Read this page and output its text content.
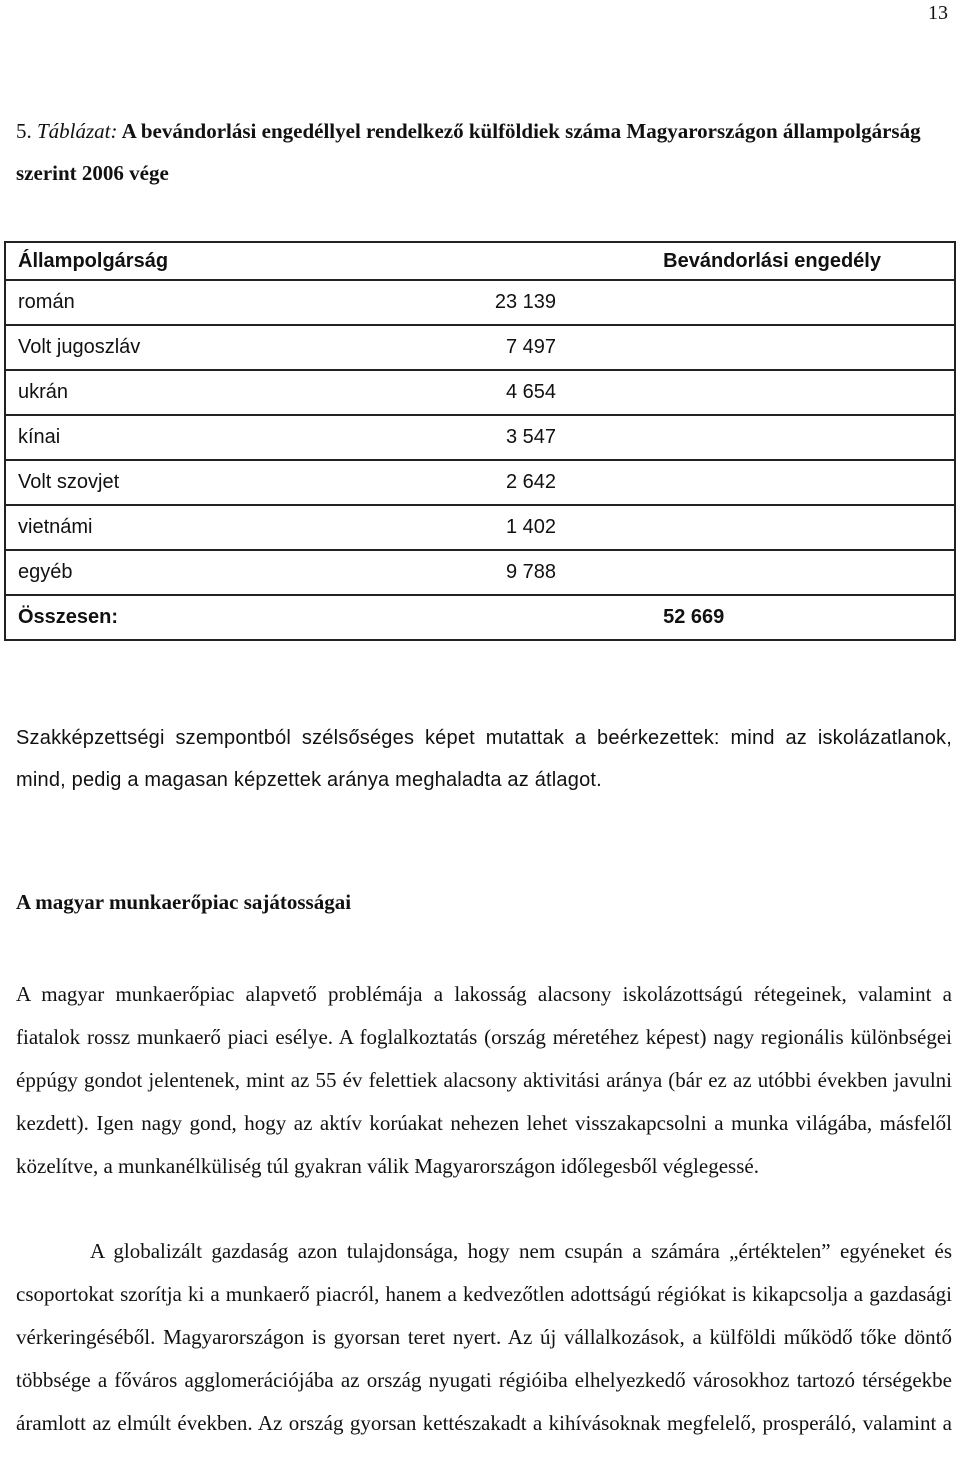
13
5. Táblázat: A bevándorlási engedéllyel rendelkező külföldiek száma Magyarországon állampolgárság szerint 2006 vége
Állampolgárság	Bevándorlási engedély
román	23 139
Volt jugoszláv	7 497
ukrán	4 654
kínai	3 547
Volt szovjet	2 642
vietnámi	1 402
egyéb	9 788
Összesen:	52 669

Szakképzettségi szempontból szélsőséges képet mutattak a beérkezettek: mind az iskolázatlanok, mind, pedig a magasan képzettek aránya meghaladta az átlagot.

A magyar munkaerőpiac sajátosságai

A magyar munkaerőpiac alapvető problémája a lakosság alacsony iskolázottságú rétegeinek, valamint a fiatalok rossz munkaerő piaci esélye. A foglalkoztatás (ország méretéhez képest) nagy regionális különbségei éppúgy gondot jelentenek, mint az 55 év felettiek alacsony aktivitási aránya (bár ez az utóbbi években javulni kezdett). Igen nagy gond, hogy az aktív korúakat nehezen lehet visszakapcsolni a munka világába, másfelől közelítve, a munkanélküliség túl gyakran válik Magyarországon időlegesből véglegessé.

A globalizált gazdaság azon tulajdonsága, hogy nem csupán a számára „értéktelen” egyéneket és csoportokat szorítja ki a munkaerő piacról, hanem a kedvezőtlen adottságú régiókat is kikapcsolja a gazdasági vérkeringéséből. Magyarországon is gyorsan teret nyert. Az új vállalkozások, a külföldi működő tőke döntő többsége a főváros agglomerációjába az ország nyugati régióiba elhelyezkedő városokhoz tartozó térségekbe áramlott az elmúlt években. Az ország gyorsan kettészakadt a kihívásoknak megfelelő, prosperáló, valamint a
